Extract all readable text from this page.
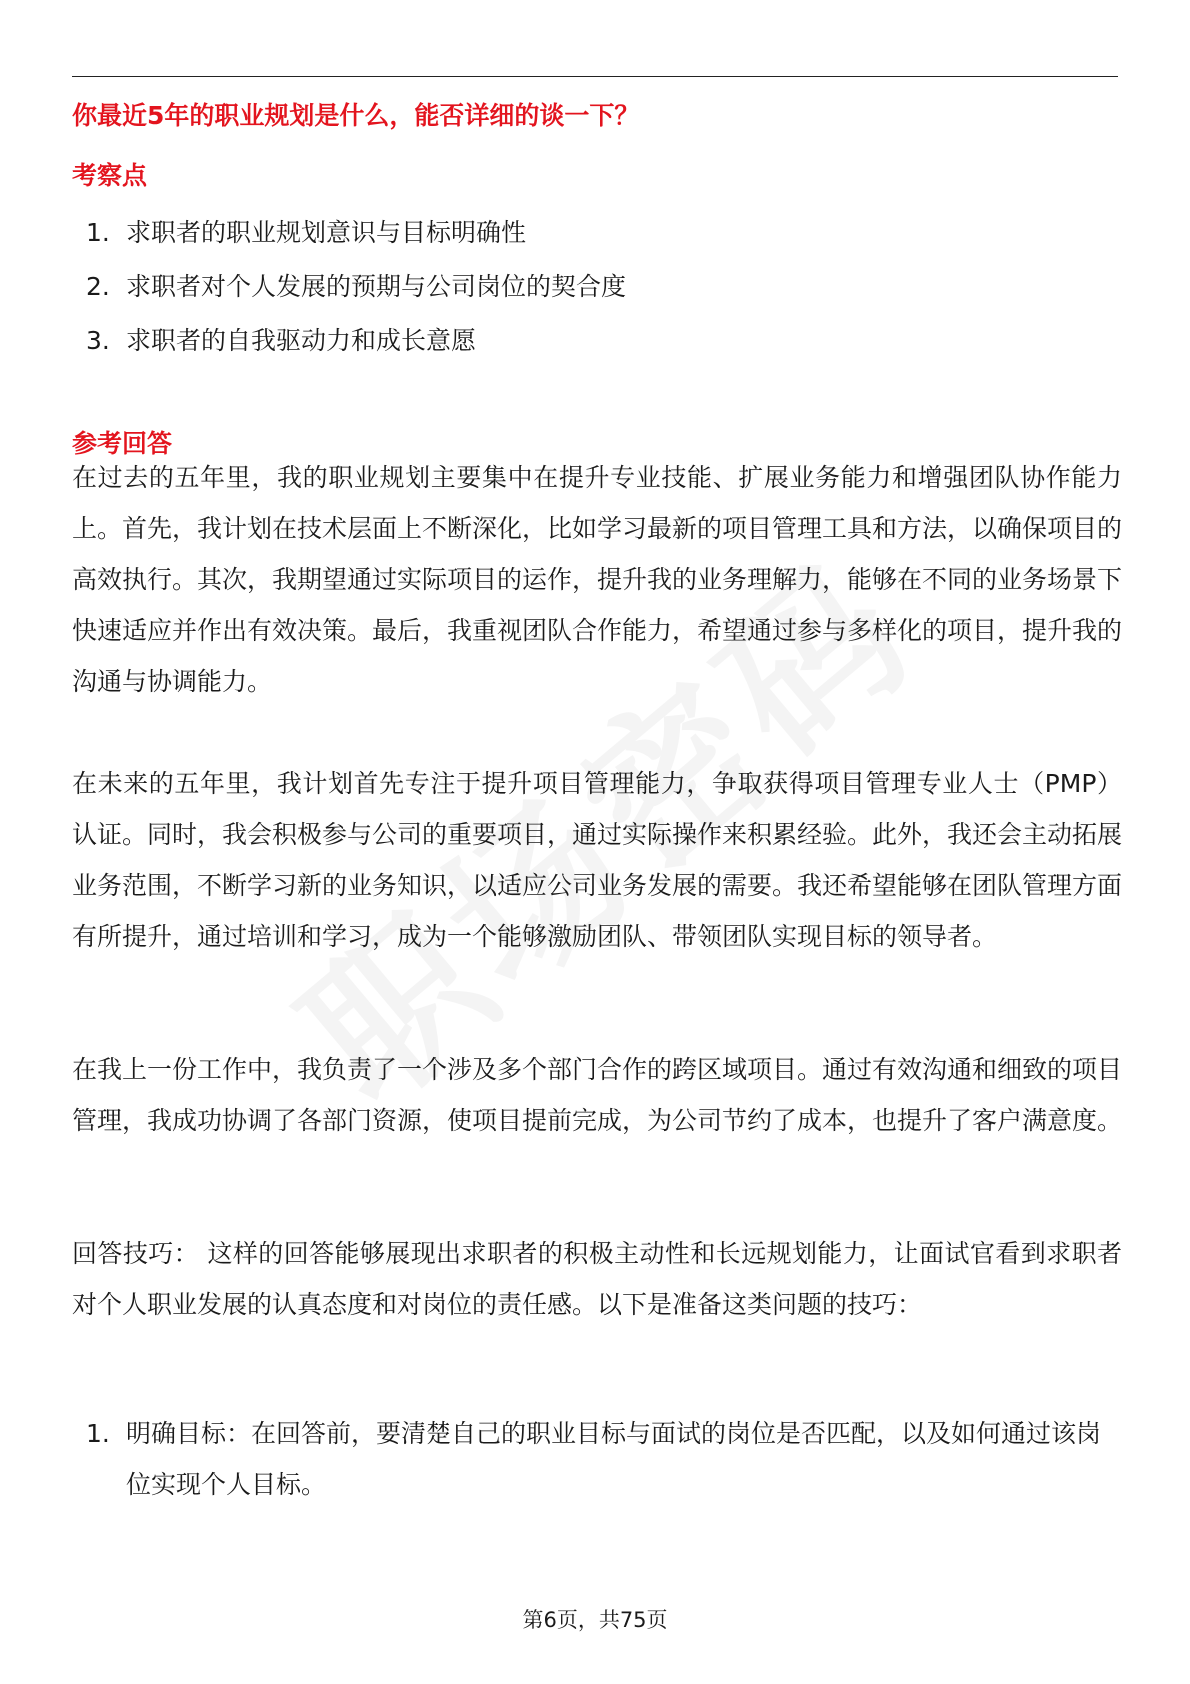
你最近5年的职业规划是什么，能否详细的谈一下？
考察点
1. 求职者的职业规划意识与目标明确性
2. 求职者对个人发展的预期与公司岗位的契合度
3. 求职者的自我驱动力和成长意愿
参考回答

在过去的五年里，我的职业规划主要集中在提升专业技能、扩展业务能力和增强团队协作能力上。首先，我计划在技术层面上不断深化，比如学习最新的项目管理工具和方法，以确保项目的高效执行。其次，我期望通过实际项目的运作，提升我的业务理解力，能够在不同的业务场景下快速适应并作出有效决策。最后，我重视团队合作能力，希望通过参与多样化的项目，提升我的沟通与协调能力。

在未来的五年里，我计划首先专注于提升项目管理能力，争取获得项目管理专业人士（PMP）认证。同时，我会积极参与公司的重要项目，通过实际操作来积累经验。此外，我还会主动拓展业务范围，不断学习新的业务知识，以适应公司业务发展的需要。我还希望能够在团队管理方面有所提升，通过培训和学习，成为一个能够激励团队、带领团队实现目标的领导者。

在我上一份工作中，我负责了一个涉及多个部门合作的跨区域项目。通过有效沟通和细致的项目管理，我成功协调了各部门资源，使项目提前完成，为公司节约了成本，也提升了客户满意度。

回答技巧： 这样的回答能够展现出求职者的积极主动性和长远规划能力，让面试官看到求职者对个人职业发展的认真态度和对岗位的责任感。以下是准备这类问题的技巧：

1. 明确目标：在回答前，要清楚自己的职业目标与面试的岗位是否匹配，以及如何通过该岗位实现个人目标。
第6页，共75页
